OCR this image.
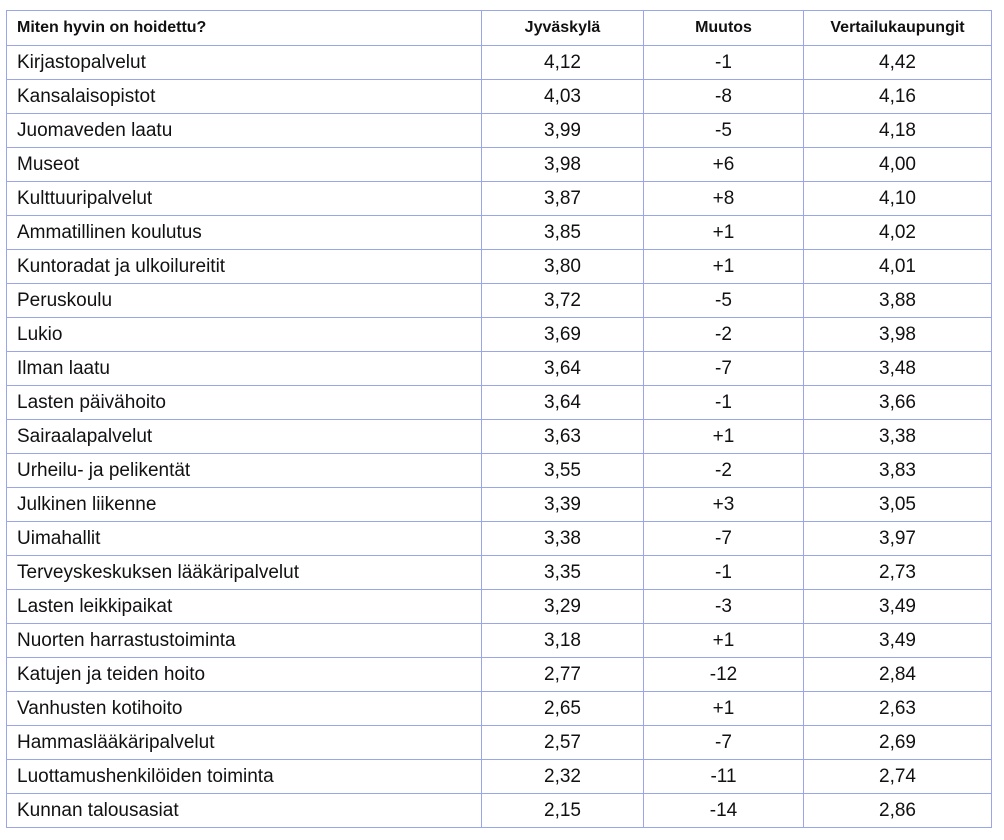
Miten hyvin on hoidettu?	Jyväskylä	Muutos	Vertailukaupungit
Kirjastopalvelut	4,12	-1	4,42
Kansalaisopistot	4,03	-8	4,16
Juomaveden laatu	3,99	-5	4,18
Museot	3,98	+6	4,00
Kulttuuripalvelut	3,87	+8	4,10
Ammatillinen koulutus	3,85	+1	4,02
Kuntoradat ja ulkoilureitit	3,80	+1	4,01
Peruskoulu	3,72	-5	3,88
Lukio	3,69	-2	3,98
Ilman laatu	3,64	-7	3,48
Lasten päivähoito	3,64	-1	3,66
Sairaalapalvelut	3,63	+1	3,38
Urheilu- ja pelikentät	3,55	-2	3,83
Julkinen liikenne	3,39	+3	3,05
Uimahallit	3,38	-7	3,97
Terveyskeskuksen lääkäripalvelut	3,35	-1	2,73
Lasten leikkipaikat	3,29	-3	3,49
Nuorten harrastustoiminta	3,18	+1	3,49
Katujen ja teiden hoito	2,77	-12	2,84
Vanhusten kotihoito	2,65	+1	2,63
Hammaslääkäripalvelut	2,57	-7	2,69
Luottamushenkilöiden toiminta	2,32	-11	2,74
Kunnan talousasiat	2,15	-14	2,86
